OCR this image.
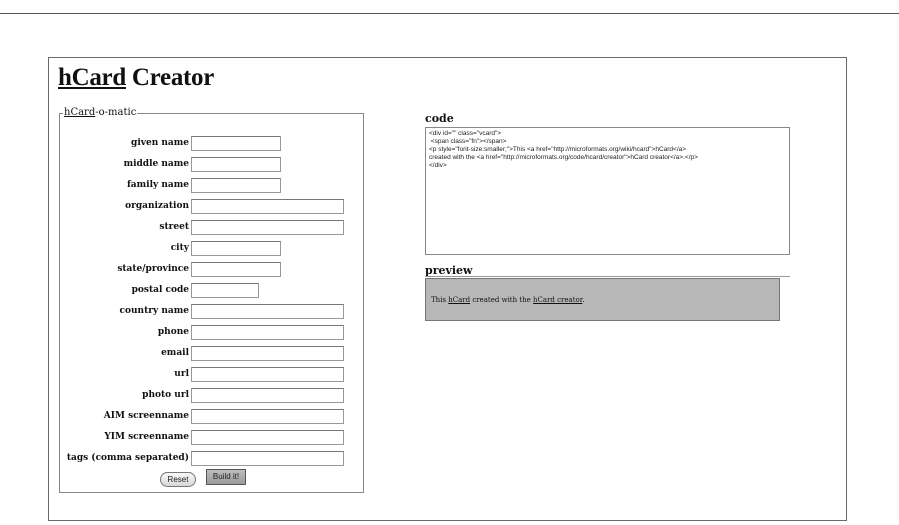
hCard Creator
hCard-o-matic
given name
middle name
family name
organization
street
city
state/province
postal code
country name
phone
email
url
photo url
AIM screenname
YIM screenname
tags (comma separated)
Reset	Build it!
code
<div id="" class="vcard">
<span class="fn"></span>
<p style="font-size:smaller;">This <a href="http://microformats.org/wiki/hcard">hCard</a>
created with the <a href="http://microformats.org/code/hcard/creator">hCard creator</a>.</p>
</div>
preview
This hCard created with the hCard creator.
